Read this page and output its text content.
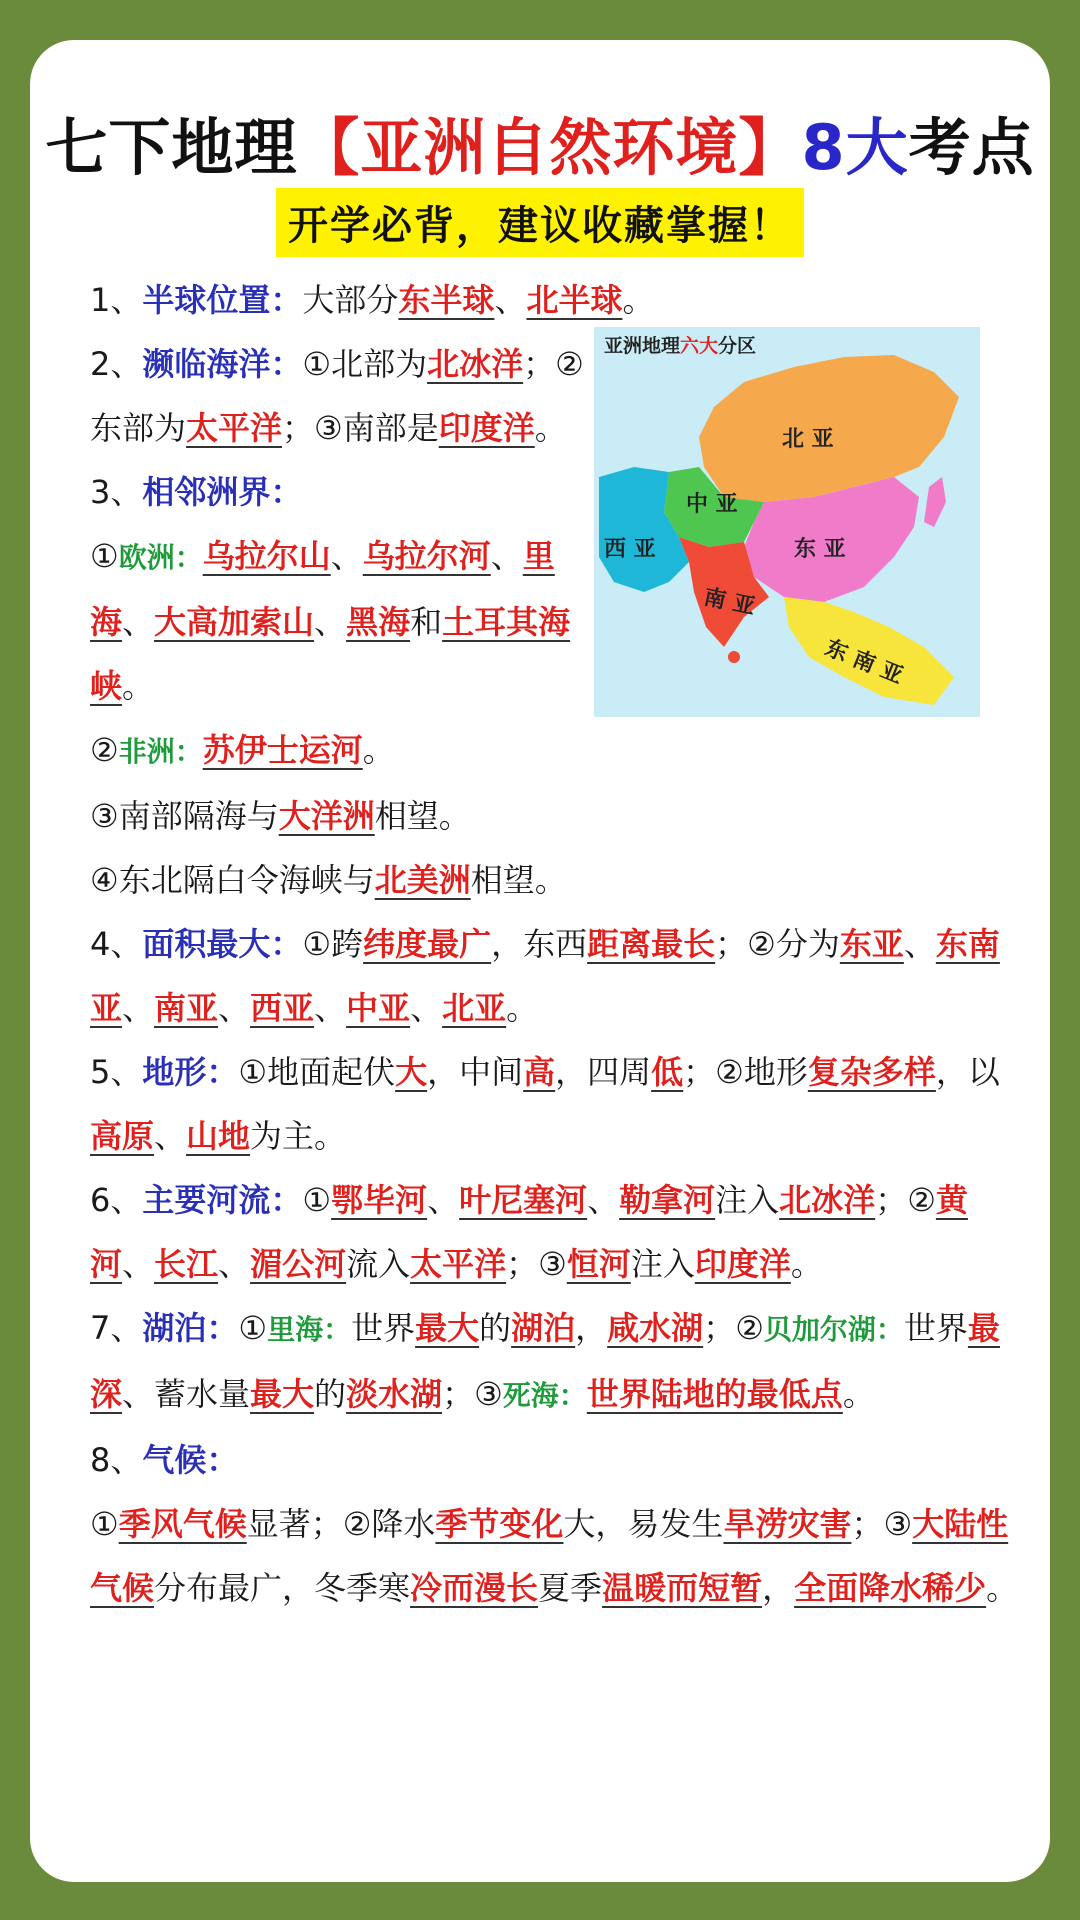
七下地理【亚洲自然环境】8大考点
开学必背，建议收藏掌握！
亚洲地理六大分区
北 亚
中 亚
西 亚	东 亚
南 亚
东 南 亚

1、半球位置：大部分东半球、北半球。

2、濒临海洋：①北部为北冰洋；②东部为太平洋；③南部是印度洋。

3、相邻洲界：

①欧洲：乌拉尔山、乌拉尔河、里海、大高加索山、黑海和土耳其海峡。

②非洲：苏伊士运河。

③南部隔海与大洋洲相望。

④东北隔白令海峡与北美洲相望。

4、面积最大：①跨纬度最广，东西距离最长；②分为东亚、东南亚、南亚、西亚、中亚、北亚。

5、地形：①地面起伏大，中间高，四周低；②地形复杂多样，以高原、山地为主。

6、主要河流：①鄂毕河、叶尼塞河、勒拿河注入北冰洋；②黄河、长江、湄公河流入太平洋；③恒河注入印度洋。

7、湖泊：①里海：世界最大的湖泊，咸水湖；②贝加尔湖：世界最深、蓄水量最大的淡水湖；③死海：世界陆地的最低点。

8、气候：

①季风气候显著；②降水季节变化大，易发生旱涝灾害；③大陆性气候分布最广，冬季寒冷而漫长夏季温暖而短暂，全面降水稀少。
